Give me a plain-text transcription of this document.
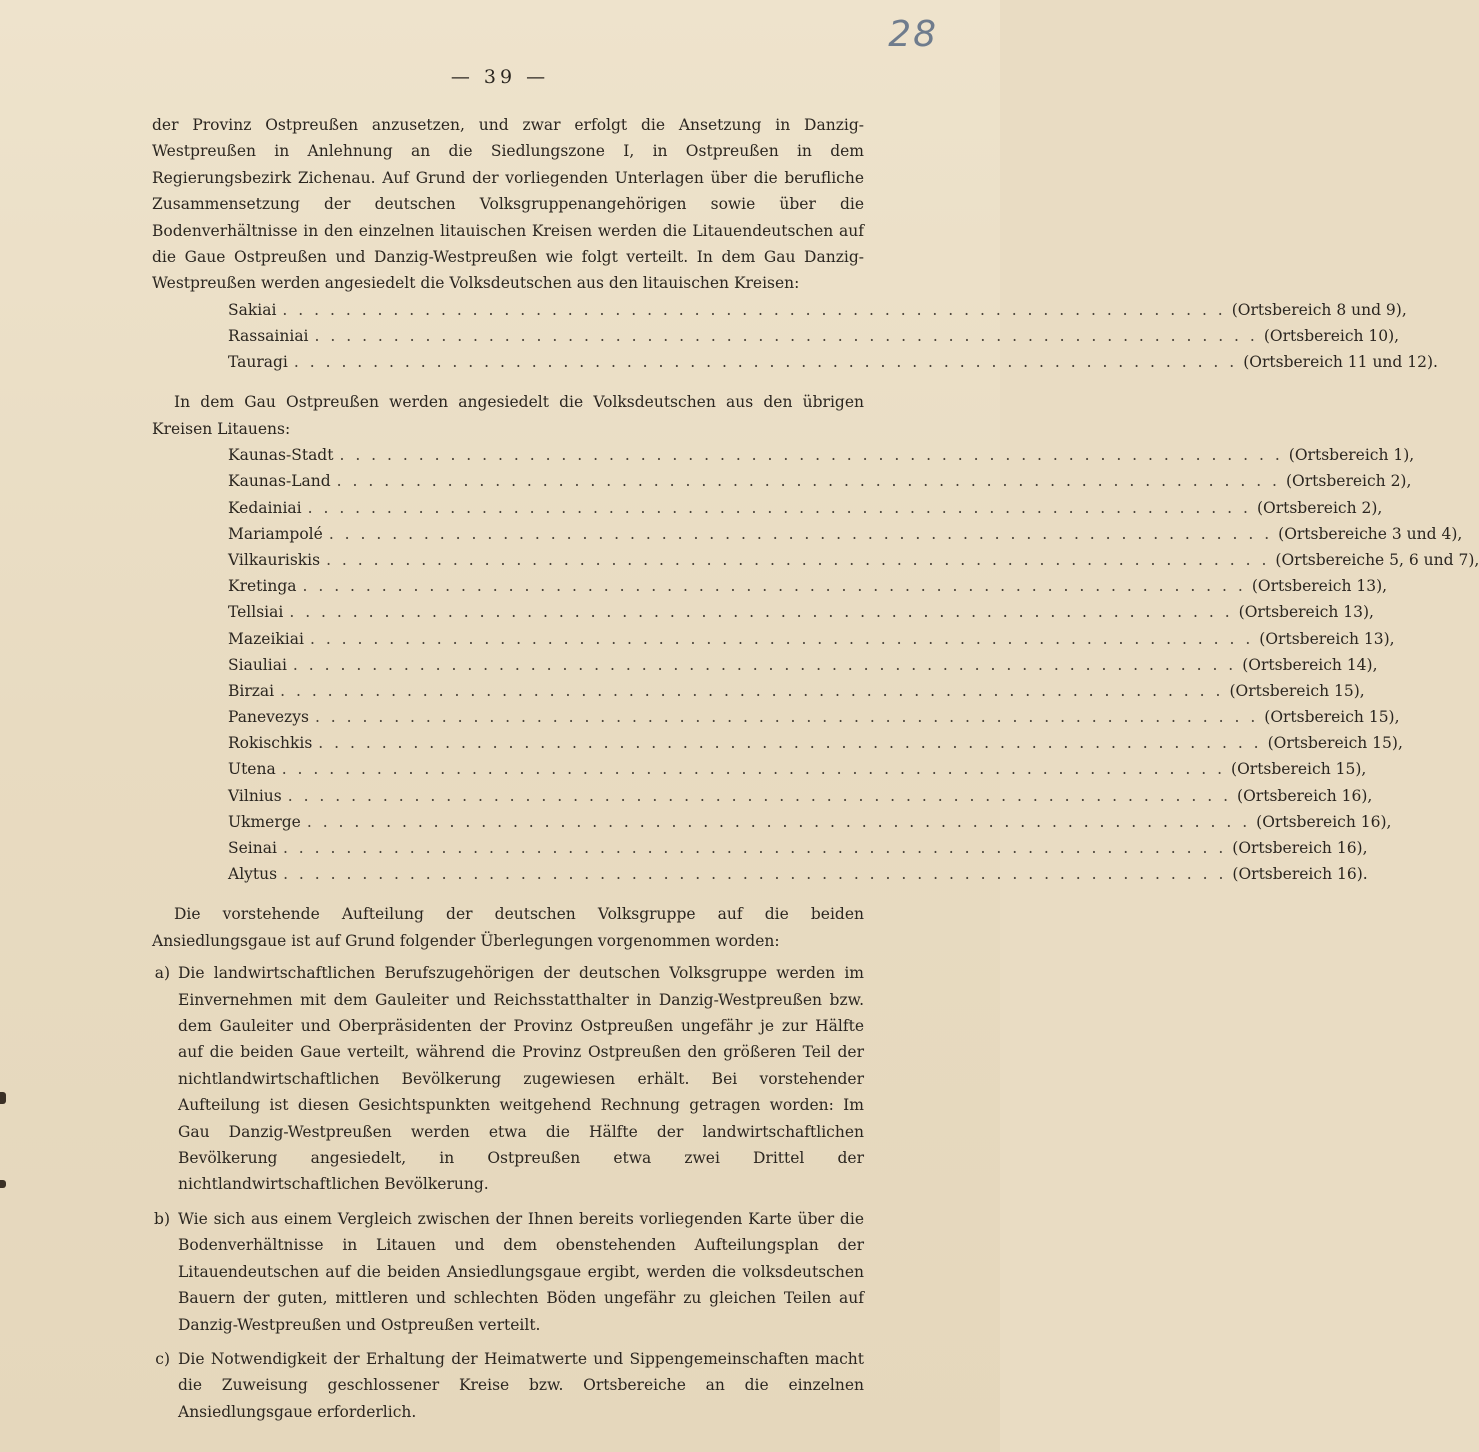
28
— 39 —

der Provinz Ostpreußen anzusetzen, und zwar erfolgt die Ansetzung in Danzig-Westpreußen in Anlehnung an die Siedlungszone I, in Ostpreußen in dem Regierungsbezirk Zichenau. Auf Grund der vorliegenden Unterlagen über die berufliche Zusammensetzung der deutschen Volksgruppenangehörigen sowie über die Bodenverhältnisse in den einzelnen litauischen Kreisen werden die Litauendeutschen auf die Gaue Ostpreußen und Danzig-Westpreußen wie folgt verteilt. In dem Gau Danzig-Westpreußen werden angesiedelt die Volksdeutschen aus den litauischen Kreisen:

Sakiai . . . . . . . . . . . . . . . . . . . . . . . . . . . . . . . . . . . . . . . . . . . . . . . . . . . . . . . . . . . . (Ortsbereich 8 und 9),
Rassainiai . . . . . . . . . . . . . . . . . . . . . . . . . . . . . . . . . . . . . . . . . . . . . . . . . . . . . . . . . . . . (Ortsbereich 10),
Tauragi . . . . . . . . . . . . . . . . . . . . . . . . . . . . . . . . . . . . . . . . . . . . . . . . . . . . . . . . . . . . (Ortsbereich 11 und 12).

In dem Gau Ostpreußen werden angesiedelt die Volksdeutschen aus den übrigen Kreisen Litauens:

Kaunas-Stadt . . . . . . . . . . . . . . . . . . . . . . . . . . . . . . . . . . . . . . . . . . . . . . . . . . . . . . . . . . . . (Ortsbereich 1),
Kaunas-Land . . . . . . . . . . . . . . . . . . . . . . . . . . . . . . . . . . . . . . . . . . . . . . . . . . . . . . . . . . . . (Ortsbereich 2),
Kedainiai . . . . . . . . . . . . . . . . . . . . . . . . . . . . . . . . . . . . . . . . . . . . . . . . . . . . . . . . . . . . (Ortsbereich 2),
Mariampolé . . . . . . . . . . . . . . . . . . . . . . . . . . . . . . . . . . . . . . . . . . . . . . . . . . . . . . . . . . . . (Ortsbereiche 3 und 4),
Vilkauriskis . . . . . . . . . . . . . . . . . . . . . . . . . . . . . . . . . . . . . . . . . . . . . . . . . . . . . . . . . . . . (Ortsbereiche 5, 6 und 7),
Kretinga . . . . . . . . . . . . . . . . . . . . . . . . . . . . . . . . . . . . . . . . . . . . . . . . . . . . . . . . . . . . (Ortsbereich 13),
Tellsiai . . . . . . . . . . . . . . . . . . . . . . . . . . . . . . . . . . . . . . . . . . . . . . . . . . . . . . . . . . . . (Ortsbereich 13),
Mazeikiai . . . . . . . . . . . . . . . . . . . . . . . . . . . . . . . . . . . . . . . . . . . . . . . . . . . . . . . . . . . . (Ortsbereich 13),
Siauliai . . . . . . . . . . . . . . . . . . . . . . . . . . . . . . . . . . . . . . . . . . . . . . . . . . . . . . . . . . . . (Ortsbereich 14),
Birzai . . . . . . . . . . . . . . . . . . . . . . . . . . . . . . . . . . . . . . . . . . . . . . . . . . . . . . . . . . . . (Ortsbereich 15),
Panevezys . . . . . . . . . . . . . . . . . . . . . . . . . . . . . . . . . . . . . . . . . . . . . . . . . . . . . . . . . . . . (Ortsbereich 15),
Rokischkis . . . . . . . . . . . . . . . . . . . . . . . . . . . . . . . . . . . . . . . . . . . . . . . . . . . . . . . . . . . . (Ortsbereich 15),
Utena . . . . . . . . . . . . . . . . . . . . . . . . . . . . . . . . . . . . . . . . . . . . . . . . . . . . . . . . . . . . (Ortsbereich 15),
Vilnius . . . . . . . . . . . . . . . . . . . . . . . . . . . . . . . . . . . . . . . . . . . . . . . . . . . . . . . . . . . . (Ortsbereich 16),
Ukmerge . . . . . . . . . . . . . . . . . . . . . . . . . . . . . . . . . . . . . . . . . . . . . . . . . . . . . . . . . . . . (Ortsbereich 16),
Seinai . . . . . . . . . . . . . . . . . . . . . . . . . . . . . . . . . . . . . . . . . . . . . . . . . . . . . . . . . . . . (Ortsbereich 16),
Alytus . . . . . . . . . . . . . . . . . . . . . . . . . . . . . . . . . . . . . . . . . . . . . . . . . . . . . . . . . . . . (Ortsbereich 16).

Die vorstehende Aufteilung der deutschen Volksgruppe auf die beiden Ansiedlungsgaue ist auf Grund folgender Überlegungen vorgenommen worden:

a) Die landwirtschaftlichen Berufszugehörigen der deutschen Volksgruppe werden im Einvernehmen mit dem Gauleiter und Reichsstatthalter in Danzig-Westpreußen bzw. dem Gauleiter und Oberpräsidenten der Provinz Ostpreußen ungefähr je zur Hälfte auf die beiden Gaue verteilt, während die Provinz Ostpreußen den größeren Teil der nichtlandwirtschaftlichen Bevölkerung zugewiesen erhält. Bei vorstehender Aufteilung ist diesen Gesichtspunkten weitgehend Rechnung getragen worden: Im Gau Danzig-Westpreußen werden etwa die Hälfte der landwirtschaftlichen Bevölkerung angesiedelt, in Ostpreußen etwa zwei Drittel der nichtlandwirtschaftlichen Bevölkerung.
b) Wie sich aus einem Vergleich zwischen der Ihnen bereits vorliegenden Karte über die Bodenverhältnisse in Litauen und dem obenstehenden Aufteilungsplan der Litauendeutschen auf die beiden Ansiedlungsgaue ergibt, werden die volksdeutschen Bauern der guten, mittleren und schlechten Böden ungefähr zu gleichen Teilen auf Danzig-Westpreußen und Ostpreußen verteilt.
c) Die Notwendigkeit der Erhaltung der Heimatwerte und Sippengemeinschaften macht die Zuweisung geschlossener Kreise bzw. Ortsbereiche an die einzelnen Ansiedlungsgaue erforderlich.
